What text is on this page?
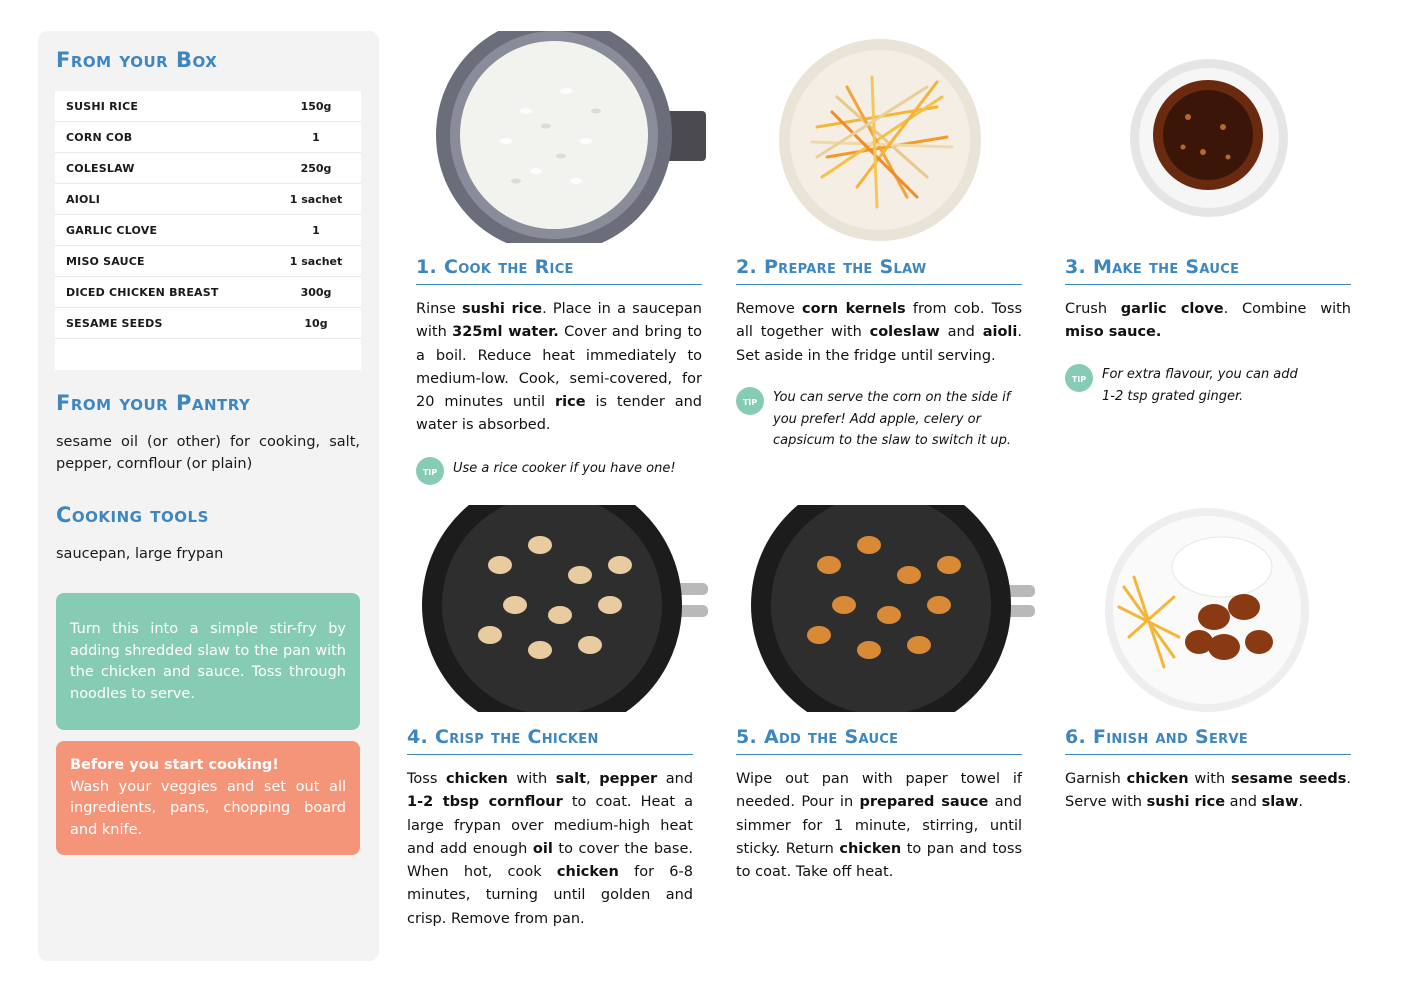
From your Box
SUSHI RICE	150g
CORN COB	1
COLESLAW	250g
AIOLI	1 sachet
GARLIC CLOVE	1
MISO SAUCE	1 sachet
DICED CHICKEN BREAST	300g
SESAME SEEDS	10g
From your Pantry
sesame oil (or other) for cooking, salt, pepper, cornflour (or plain)
Cooking tools
saucepan, large frypan
Turn this into a simple stir-fry by adding shredded slaw to the pan with the chicken and sauce. Toss through noodles to serve.
Before you start cooking!
Wash your veggies and set out all ingredients, pans, chopping board and knife.
1. Cook the Rice	2. Prepare the Slaw	3. Make the Sauce
4. Crisp the Chicken	5. Add the Sauce	6. Finish and Serve
Rinse sushi rice. Place in a saucepan with 325ml water. Cover and bring to a boil. Reduce heat immediately to medium-low. Cook, semi-covered, for 20 minutes until rice is tender and water is absorbed.
tip	Use a rice cooker if you have one!
Remove corn kernels from cob. Toss all together with coleslaw and aioli. Set aside in the fridge until serving.
tip	You can serve the corn on the side if you prefer! Add apple, celery or capsicum to the slaw to switch it up.
Crush garlic clove. Combine with miso sauce.
tip	For extra flavour, you can add 1-2 tsp grated ginger.
Toss chicken with salt, pepper and 1-2 tbsp cornflour to coat. Heat a large frypan over medium-high heat and add enough oil to cover the base. When hot, cook chicken for 6-8 minutes, turning until golden and crisp. Remove from pan.
Wipe out pan with paper towel if needed. Pour in prepared sauce and simmer for 1 minute, stirring, until sticky. Return chicken to pan and toss to coat. Take off heat.
Garnish chicken with sesame seeds. Serve with sushi rice and slaw.
